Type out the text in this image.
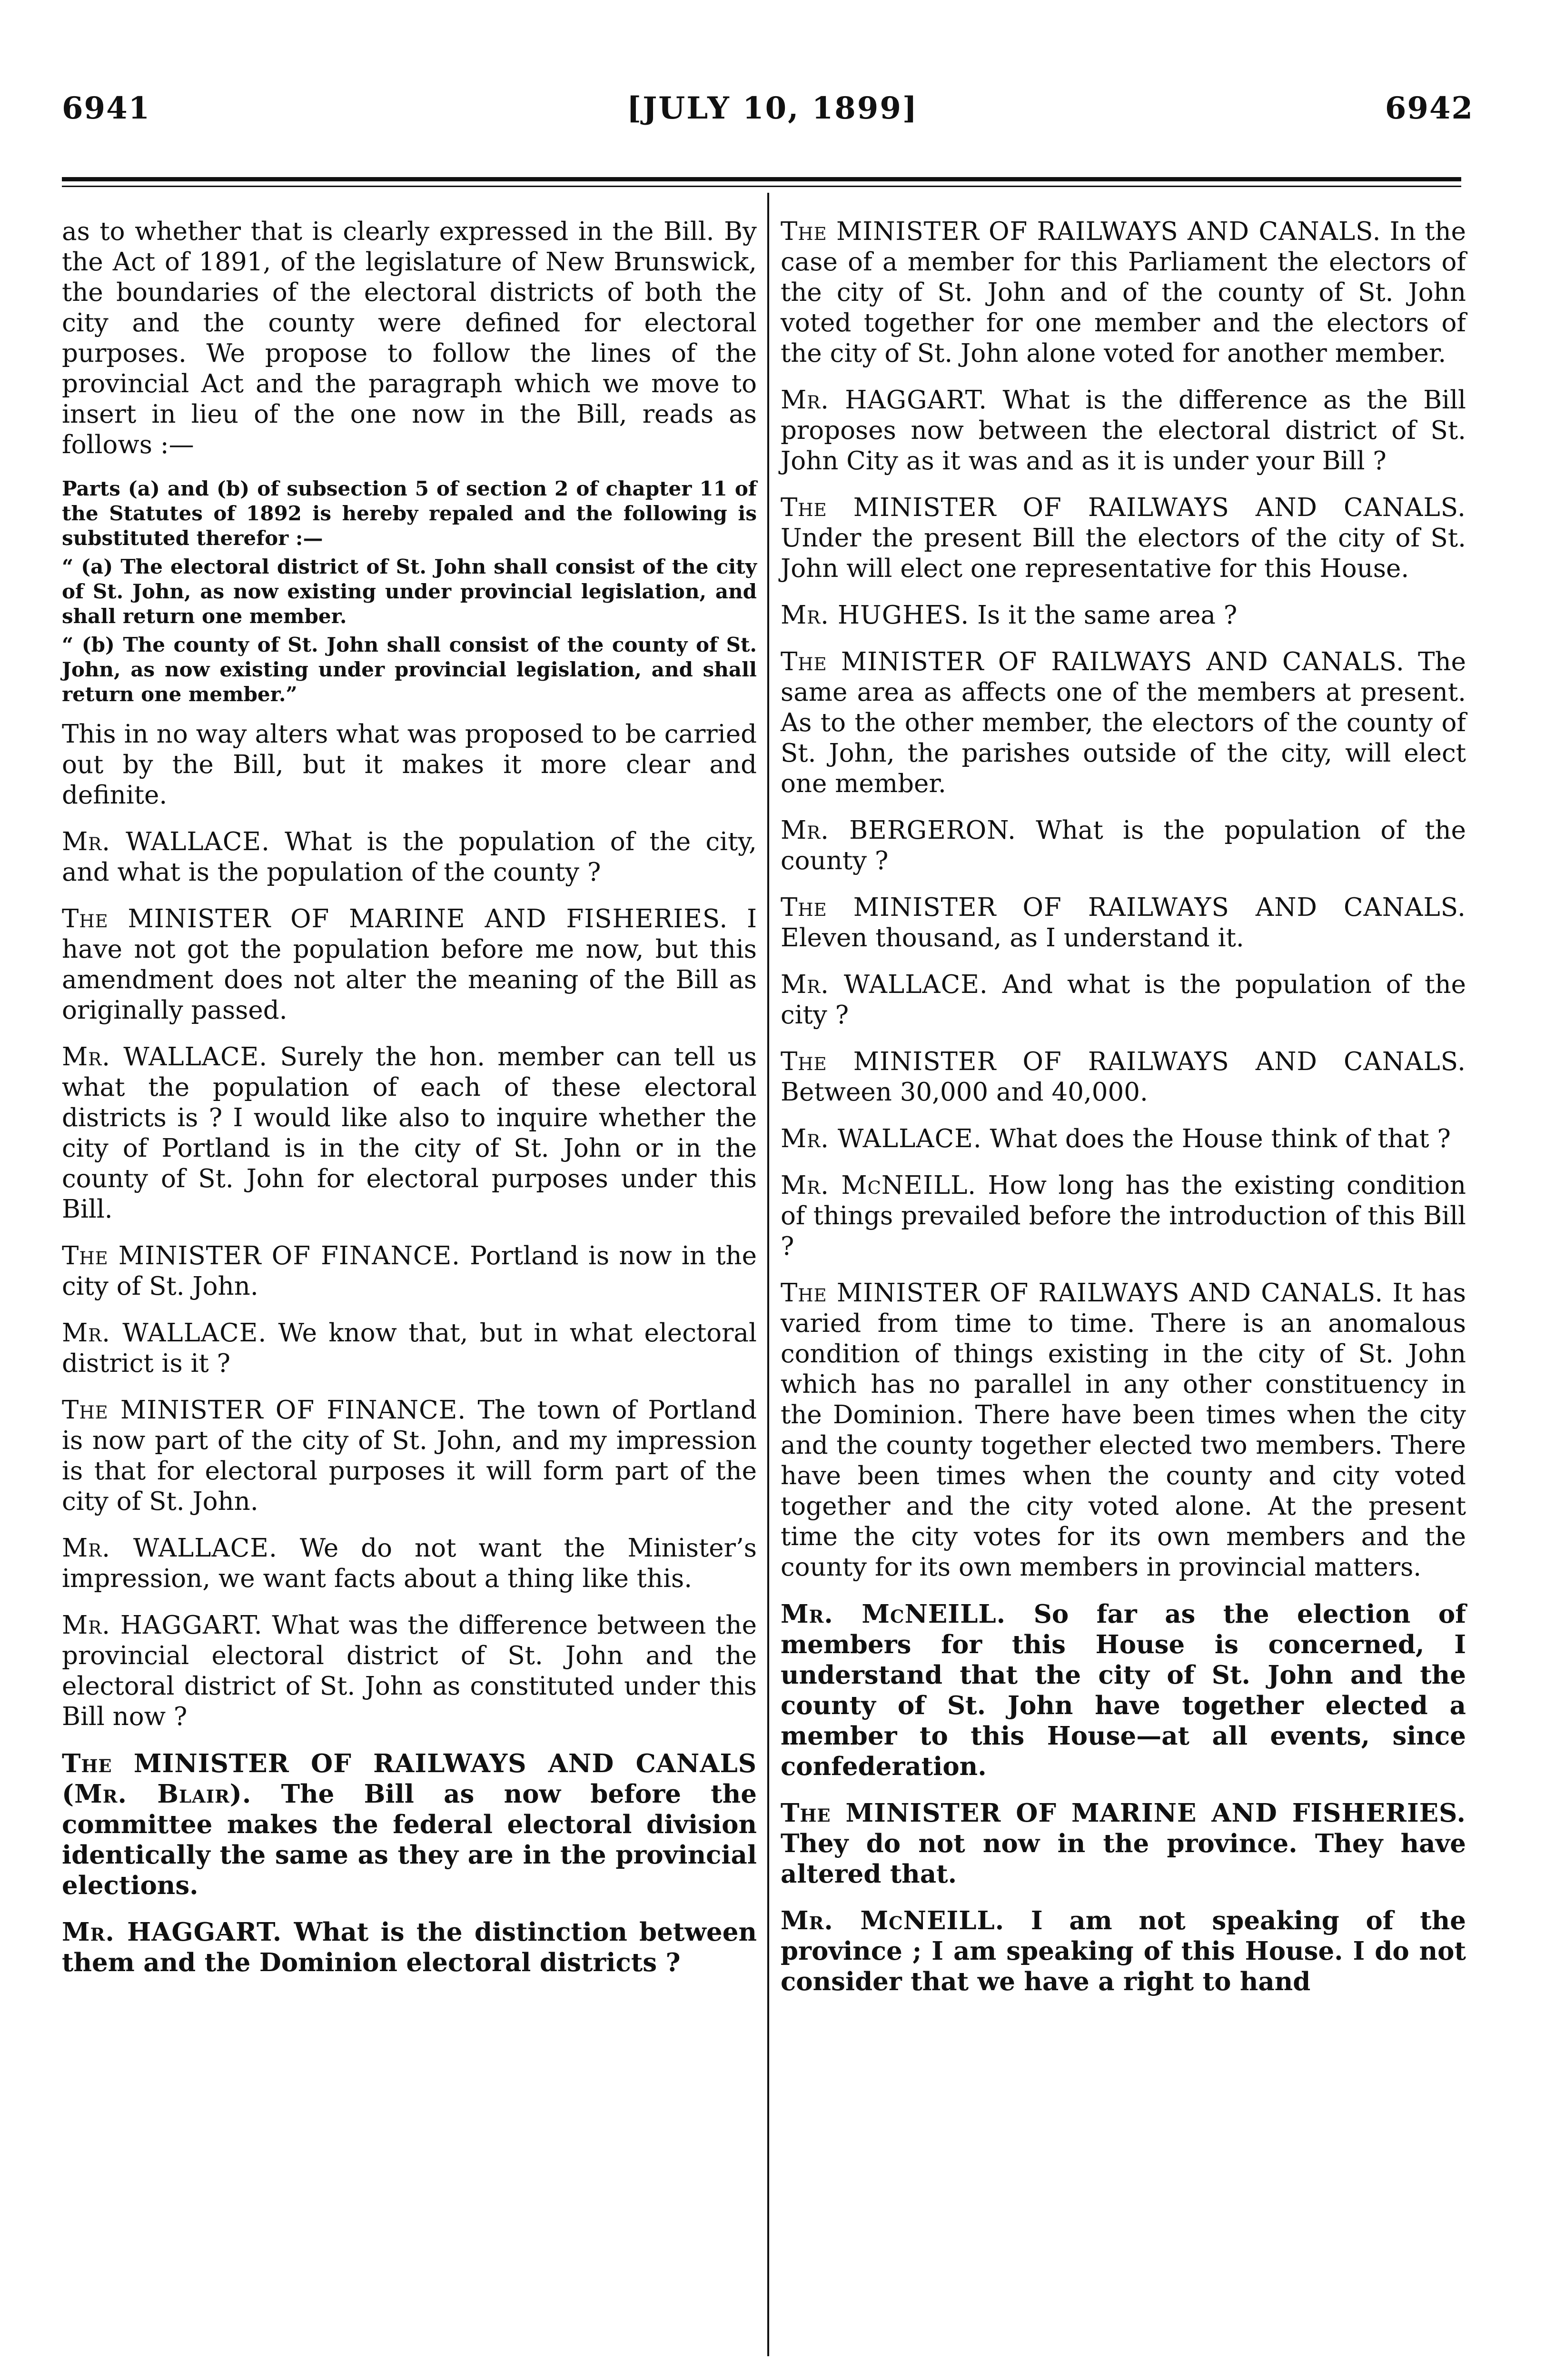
6941	[JULY 10, 1899]	6942

as to whether that is clearly expressed in the Bill. By the Act of 1891, of the legislature of New Brunswick, the boundaries of the electoral districts of both the city and the county were defined for electoral purposes. We propose to follow the lines of the provincial Act and the paragraph which we move to insert in lieu of the one now in the Bill, reads as follows :—

Parts (a) and (b) of subsection 5 of section 2 of chapter 11 of the Statutes of 1892 is hereby repaled and the following is substituted therefor :—

“ (a) The electoral district of St. John shall consist of the city of St. John, as now existing under provincial legislation, and shall return one member.

“ (b) The county of St. John shall consist of the county of St. John, as now existing under provincial legislation, and shall return one member.”

This in no way alters what was proposed to be carried out by the Bill, but it makes it more clear and definite.

Mr. WALLACE. What is the population of the city, and what is the population of the county ?

The MINISTER OF MARINE AND FISHERIES. I have not got the population before me now, but this amendment does not alter the meaning of the Bill as originally passed.

Mr. WALLACE. Surely the hon. member can tell us what the population of each of these electoral districts is ? I would like also to inquire whether the city of Portland is in the city of St. John or in the county of St. John for electoral purposes under this Bill.

The MINISTER OF FINANCE. Portland is now in the city of St. John.

Mr. WALLACE. We know that, but in what electoral district is it ?

The MINISTER OF FINANCE. The town of Portland is now part of the city of St. John, and my impression is that for electoral purposes it will form part of the city of St. John.

Mr. WALLACE. We do not want the Minister’s impression, we want facts about a thing like this.

Mr. HAGGART. What was the difference between the provincial electoral district of St. John and the electoral district of St. John as constituted under this Bill now ?

The MINISTER OF RAILWAYS AND CANALS (Mr. Blair). The Bill as now before the committee makes the federal electoral division identically the same as they are in the provincial elections.

Mr. HAGGART. What is the distinction between them and the Dominion electoral districts ?

The MINISTER OF RAILWAYS AND CANALS. In the case of a member for this Parliament the electors of the city of St. John and of the county of St. John voted together for one member and the electors of the city of St. John alone voted for another member.

Mr. HAGGART. What is the difference as the Bill proposes now between the electoral district of St. John City as it was and as it is under your Bill ?

The MINISTER OF RAILWAYS AND CANALS. Under the present Bill the electors of the city of St. John will elect one representative for this House.

Mr. HUGHES. Is it the same area ?

The MINISTER OF RAILWAYS AND CANALS. The same area as affects one of the members at present. As to the other member, the electors of the county of St. John, the parishes outside of the city, will elect one member.

Mr. BERGERON. What is the population of the county ?

The MINISTER OF RAILWAYS AND CANALS. Eleven thousand, as I understand it.

Mr. WALLACE. And what is the population of the city ?

The MINISTER OF RAILWAYS AND CANALS. Between 30,000 and 40,000.

Mr. WALLACE. What does the House think of that ?

Mr. McNEILL. How long has the existing condition of things prevailed before the introduction of this Bill ?

The MINISTER OF RAILWAYS AND CANALS. It has varied from time to time. There is an anomalous condition of things existing in the city of St. John which has no parallel in any other constituency in the Dominion. There have been times when the city and the county together elected two members. There have been times when the county and city voted together and the city voted alone. At the present time the city votes for its own members and the county for its own members in provincial matters.

Mr. McNEILL. So far as the election of members for this House is concerned, I understand that the city of St. John and the county of St. John have together elected a member to this House—at all events, since confederation.

The MINISTER OF MARINE AND FISHERIES. They do not now in the province. They have altered that.

Mr. McNEILL. I am not speaking of the province ; I am speaking of this House. I do not consider that we have a right to hand
